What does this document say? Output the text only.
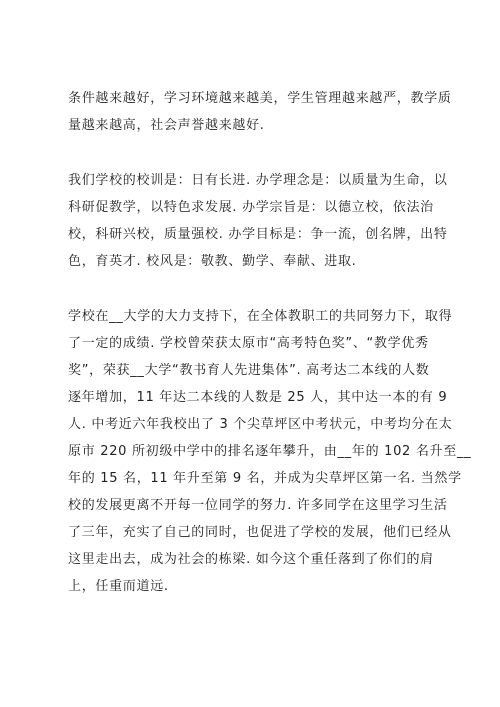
条件越来越好，学习环境越来越美，学生管理越来越严，教学质

量越来越高，社会声誉越来越好.

我们学校的校训是：日有长进. 办学理念是：以质量为生命，以

科研促教学，以特色求发展. 办学宗旨是：以德立校，依法治

校，科研兴校，质量强校. 办学目标是：争一流，创名牌，出特

色，育英才. 校风是：敬教、勤学、奉献、进取.

学校在__大学的大力支持下，在全体教职工的共同努力下，取得

了一定的成绩. 学校曾荣获太原市“高考特色奖”、“教学优秀

奖”，荣获__大学“教书育人先进集体”. 高考达二本线的人数

逐年增加，11 年达二本线的人数是 25 人，其中达一本的有 9

人. 中考近六年我校出了 3 个尖草坪区中考状元，中考均分在太

原市 220 所初级中学中的排名逐年攀升，由__年的 102 名升至__

年的 15 名，11 年升至第 9 名，并成为尖草坪区第一名. 当然学

校的发展更离不开每一位同学的努力. 许多同学在这里学习生活

了三年，充实了自己的同时，也促进了学校的发展，他们已经从

这里走出去，成为社会的栋梁. 如今这个重任落到了你们的肩

上，任重而道远.
